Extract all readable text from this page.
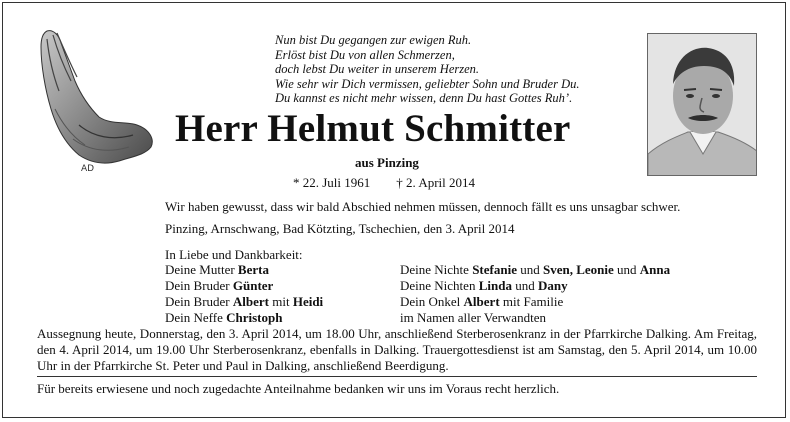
AD
Nun bist Du gegangen zur ewigen Ruh.
Erlöst bist Du von allen Schmerzen,
doch lebst Du weiter in unserem Herzen.
Wie sehr wir Dich vermissen, geliebter Sohn und Bruder Du.
Du kannst es nicht mehr wissen, denn Du hast Gottes Ruh’.
Herr Helmut Schmitter
aus Pinzing
* 22. Juli 1961 † 2. April 2014
Wir haben gewusst, dass wir bald Abschied nehmen müssen, dennoch fällt es uns unsagbar schwer.
Pinzing, Arnschwang, Bad Kötzting, Tschechien, den 3. April 2014
In Liebe und Dankbarkeit:
Deine Mutter Berta
Dein Bruder Günter
Dein Bruder Albert mit Heidi
Dein Neffe Christoph
Deine Nichte Stefanie und Sven, Leonie und Anna
Deine Nichten Linda und Dany
Dein Onkel Albert mit Familie
im Namen aller Verwandten
Aussegnung heute, Donnerstag, den 3. April 2014, um 18.00 Uhr, anschließend Sterberosenkranz in der Pfarrkirche Dalking. Am Freitag, den 4. April 2014, um 19.00 Uhr Sterberosenkranz, ebenfalls in Dalking. Trauergottesdienst ist am Samstag, den 5. April 2014, um 10.00 Uhr in der Pfarrkirche St. Peter und Paul in Dalking, anschließend Beerdigung.
Für bereits erwiesene und noch zugedachte Anteilnahme bedanken wir uns im Voraus recht herzlich.
